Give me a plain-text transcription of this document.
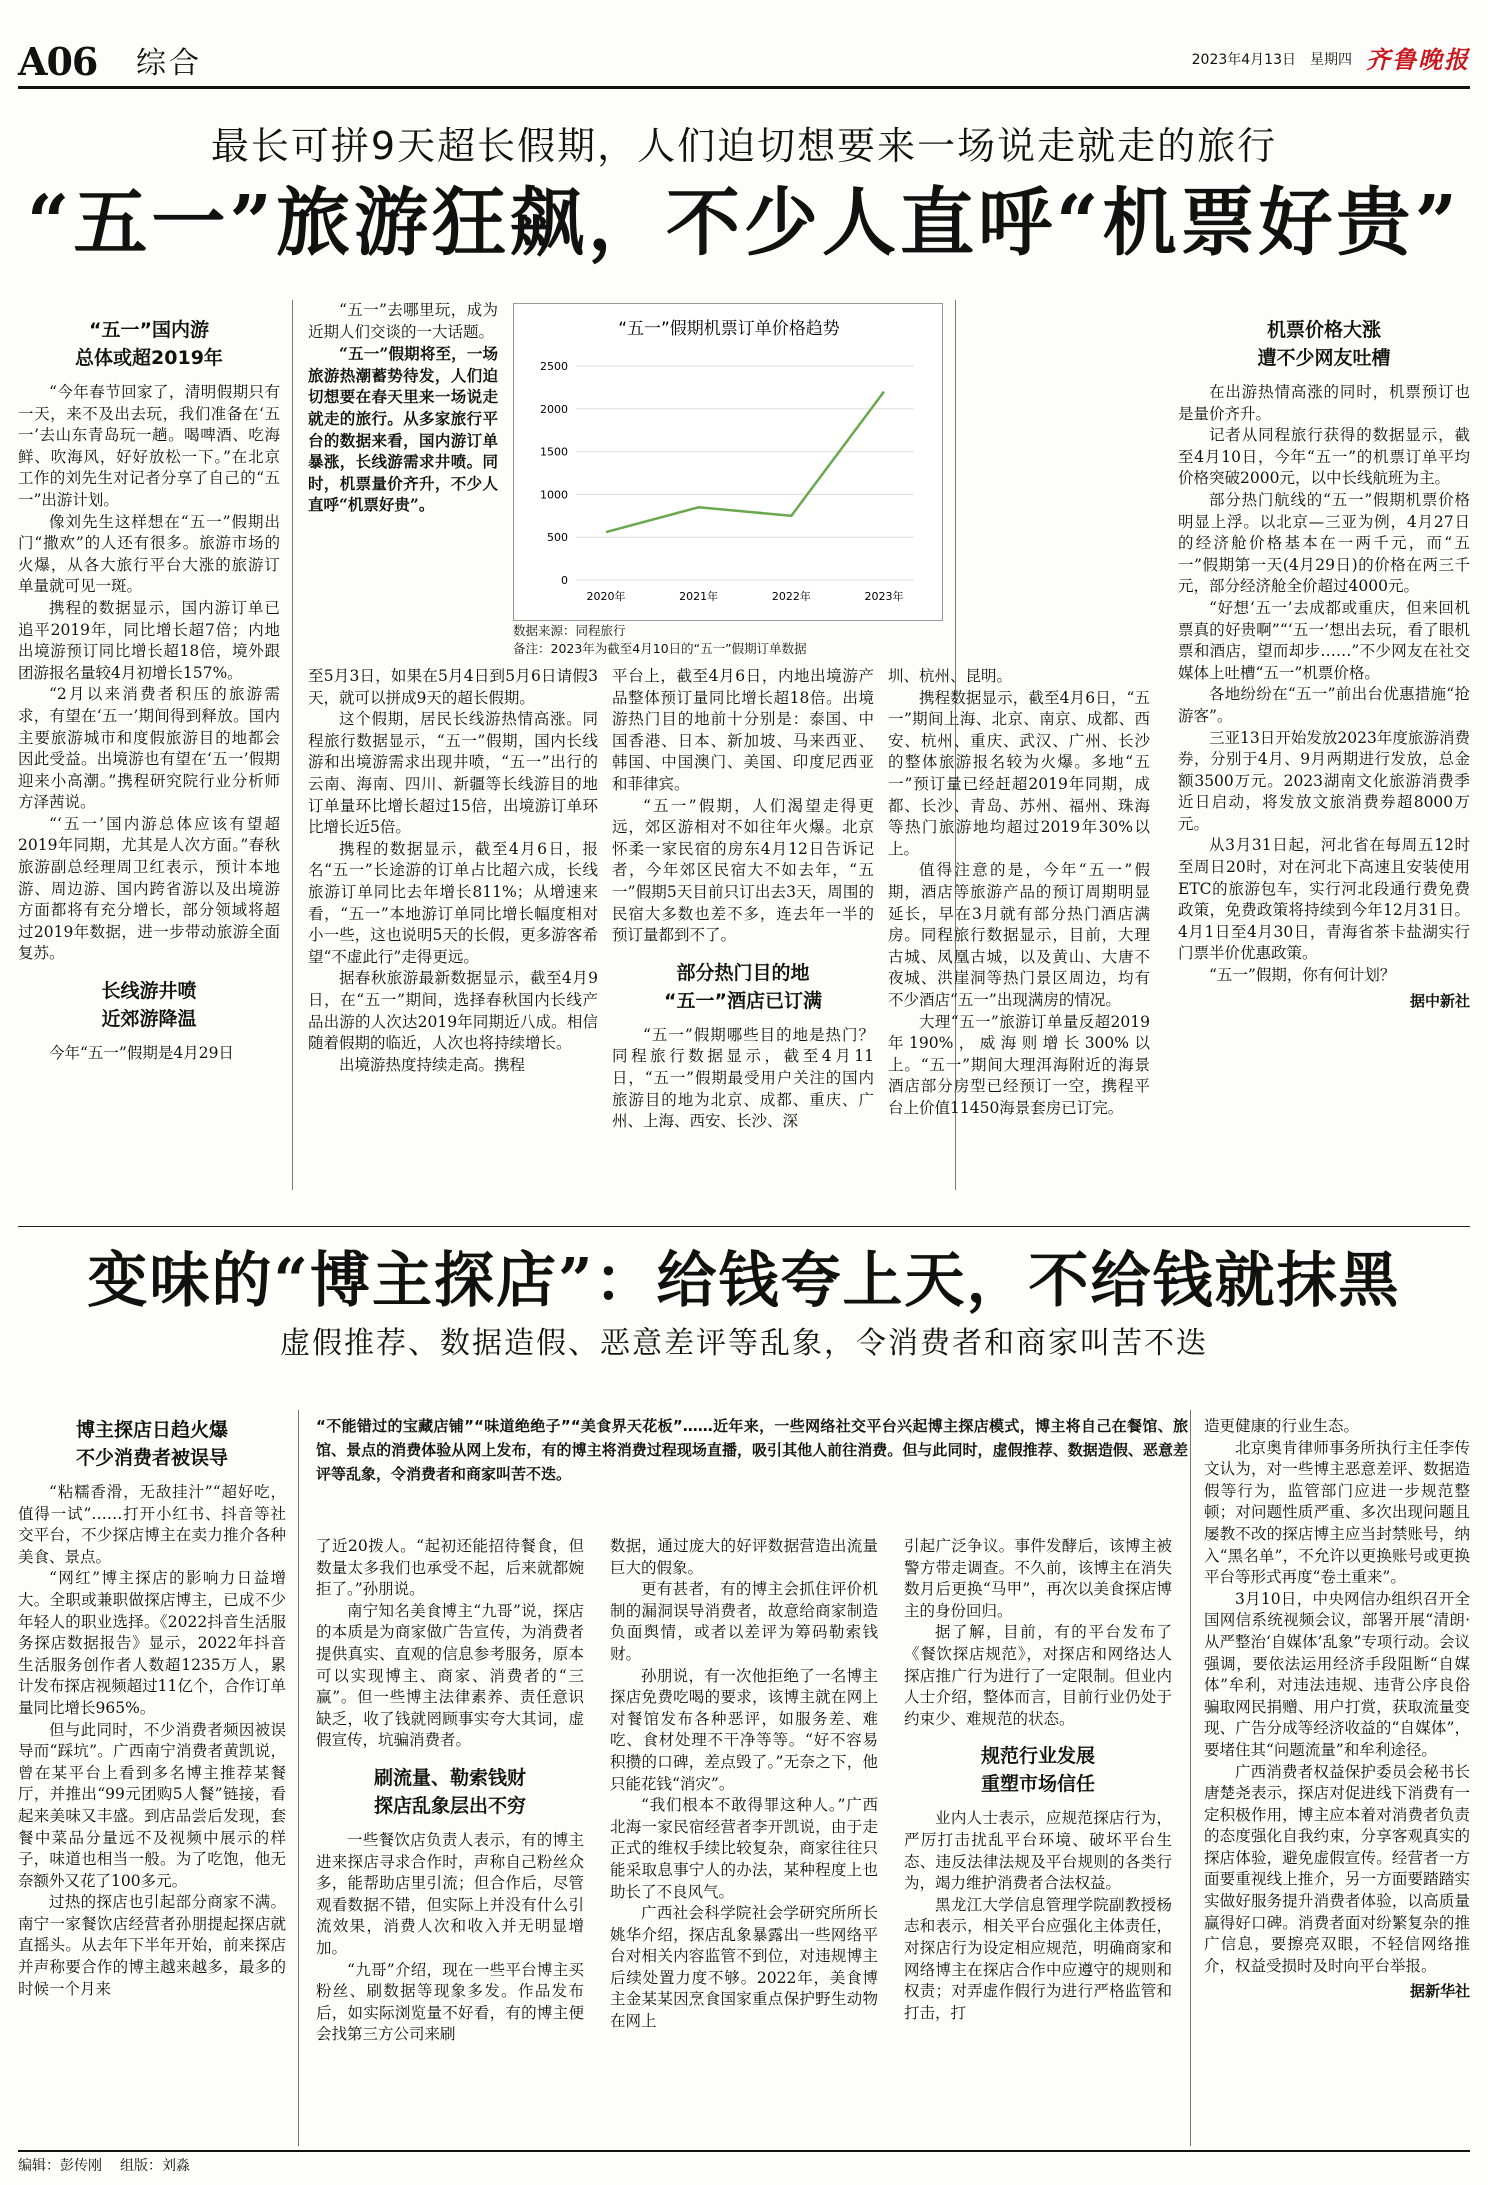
A06 综合	2023年4月13日 星期四 齐鲁晚报
最长可拼9天超长假期，人们迫切想要来一场说走就走的旅行
“五一”旅游狂飙，不少人直呼“机票好贵”
“五一”国内游
总体或超2019年

“今年春节回家了，清明假期只有一天，来不及出去玩，我们准备在‘五一’去山东青岛玩一趟。喝啤酒、吃海鲜、吹海风，好好放松一下。”在北京工作的刘先生对记者分享了自己的“五一”出游计划。

像刘先生这样想在“五一”假期出门“撒欢”的人还有很多。旅游市场的火爆，从各大旅行平台大涨的旅游订单量就可见一斑。

携程的数据显示，国内游订单已追平2019年，同比增长超7倍；内地出境游预订同比增长超18倍，境外跟团游报名量较4月初增长157%。

“2月以来消费者积压的旅游需求，有望在‘五一’期间得到释放。国内主要旅游城市和度假旅游目的地都会因此受益。出境游也有望在‘五一’假期迎来小高潮。”携程研究院行业分析师方泽茜说。

“‘五一’国内游总体应该有望超2019年同期，尤其是人次方面。”春秋旅游副总经理周卫红表示，预计本地游、周边游、国内跨省游以及出境游方面都将有充分增长，部分领域将超过2019年数据，进一步带动旅游全面复苏。

长线游井喷
近郊游降温

今年“五一”假期是4月29日

“五一”去哪里玩，成为近期人们交谈的一大话题。

“五一”假期将至，一场旅游热潮蓄势待发，人们迫切想要在春天里来一场说走就走的旅行。从多家旅行平台的数据来看，国内游订单暴涨，长线游需求井喷。同时，机票量价齐升，不少人直呼“机票好贵”。

“五一”假期机票订单价格趋势
0
500
1000
1500
2000
2500
2020年	2021年	2022年	2023年
数据来源：同程旅行
备注：2023年为截至4月10日的“五一”假期订单数据

至5月3日，如果在5月4日到5月6日请假3天，就可以拼成9天的超长假期。

这个假期，居民长线游热情高涨。同程旅行数据显示，“五一”假期，国内长线游和出境游需求出现井喷，“五一”出行的云南、海南、四川、新疆等长线游目的地订单量环比增长超过15倍，出境游订单环比增长近5倍。

携程的数据显示，截至4月6日，报名“五一”长途游的订单占比超六成，长线旅游订单同比去年增长811%；从增速来看，“五一”本地游订单同比增长幅度相对小一些，这也说明5天的长假，更多游客希望“不虚此行”走得更远。

据春秋旅游最新数据显示，截至4月9日，在“五一”期间，选择春秋国内长线产品出游的人次达2019年同期近八成。相信随着假期的临近，人次也将持续增长。

出境游热度持续走高。携程

平台上，截至4月6日，内地出境游产品整体预订量同比增长超18倍。出境游热门目的地前十分别是：泰国、中国香港、日本、新加坡、马来西亚、韩国、中国澳门、美国、印度尼西亚和菲律宾。

“五一”假期，人们渴望走得更远，郊区游相对不如往年火爆。北京怀柔一家民宿的房东4月12日告诉记者，今年郊区民宿大不如去年，“五一”假期5天目前只订出去3天，周围的民宿大多数也差不多，连去年一半的预订量都到不了。

部分热门目的地
“五一”酒店已订满

“五一”假期哪些目的地是热门？同程旅行数据显示，截至4月11日，“五一”假期最受用户关注的国内旅游目的地为北京、成都、重庆、广州、上海、西安、长沙、深

圳、杭州、昆明。

携程数据显示，截至4月6日，“五一”期间上海、北京、南京、成都、西安、杭州、重庆、武汉、广州、长沙的整体旅游报名较为火爆。多地“五一”预订量已经赶超2019年同期，成都、长沙、青岛、苏州、福州、珠海等热门旅游地均超过2019年30%以上。

值得注意的是，今年“五一”假期，酒店等旅游产品的预订周期明显延长，早在3月就有部分热门酒店满房。同程旅行数据显示，目前，大理古城、凤凰古城，以及黄山、大唐不夜城、洪崖洞等热门景区周边，均有不少酒店“五一”出现满房的情况。

大理“五一”旅游订单量反超2019年190%，威海则增长300%以上。“五一”期间大理洱海附近的海景酒店部分房型已经预订一空，携程平台上价值11450海景套房已订完。

机票价格大涨
遭不少网友吐槽

在出游热情高涨的同时，机票预订也是量价齐升。

记者从同程旅行获得的数据显示，截至4月10日，今年“五一”的机票订单平均价格突破2000元，以中长线航班为主。

部分热门航线的“五一”假期机票价格明显上浮。以北京—三亚为例，4月27日的经济舱价格基本在一两千元，而“五一”假期第一天(4月29日)的价格在两三千元，部分经济舱全价超过4000元。

“好想‘五一’去成都或重庆，但来回机票真的好贵啊”“‘五一’想出去玩，看了眼机票和酒店，望而却步……”不少网友在社交媒体上吐槽“五一”机票价格。

各地纷纷在“五一”前出台优惠措施“抢游客”。

三亚13日开始发放2023年度旅游消费券，分别于4月、9月两期进行发放，总金额3500万元。2023湖南文化旅游消费季近日启动，将发放文旅消费券超8000万元。

从3月31日起，河北省在每周五12时至周日20时，对在河北下高速且安装使用ETC的旅游包车，实行河北段通行费免费政策，免费政策将持续到今年12月31日。4月1日至4月30日，青海省茶卡盐湖实行门票半价优惠政策。

“五一”假期，你有何计划？

据中新社
变味的“博主探店”：给钱夸上天，不给钱就抹黑
虚假推荐、数据造假、恶意差评等乱象，令消费者和商家叫苦不迭
“不能错过的宝藏店铺”“味道绝绝子”“美食界天花板”……近年来，一些网络社交平台兴起博主探店模式，博主将自己在餐馆、旅馆、景点的消费体验从网上发布，有的博主将消费过程现场直播，吸引其他人前往消费。但与此同时，虚假推荐、数据造假、恶意差评等乱象，令消费者和商家叫苦不迭。
博主探店日趋火爆
不少消费者被误导

“粘糯香滑，无敌挂汁”“超好吃，值得一试”……打开小红书、抖音等社交平台，不少探店博主在卖力推介各种美食、景点。

“网红”博主探店的影响力日益增大。全职或兼职做探店博主，已成不少年轻人的职业选择。《2022抖音生活服务探店数据报告》显示，2022年抖音生活服务创作者人数超1235万人，累计发布探店视频超过11亿个，合作订单量同比增长965%。

但与此同时，不少消费者频因被误导而“踩坑”。广西南宁消费者黄凯说，曾在某平台上看到多名博主推荐某餐厅，并推出“99元团购5人餐”链接，看起来美味又丰盛。到店品尝后发现，套餐中菜品分量远不及视频中展示的样子，味道也相当一般。为了吃饱，他无奈额外又花了100多元。

过热的探店也引起部分商家不满。南宁一家餐饮店经营者孙朋提起探店就直摇头。从去年下半年开始，前来探店并声称要合作的博主越来越多，最多的时候一个月来

了近20拨人。“起初还能招待餐食，但数量太多我们也承受不起，后来就都婉拒了。”孙朋说。

南宁知名美食博主“九哥”说，探店的本质是为商家做广告宣传，为消费者提供真实、直观的信息参考服务，原本可以实现博主、商家、消费者的“三赢”。但一些博主法律素养、责任意识缺乏，收了钱就罔顾事实夸大其词，虚假宣传，坑骗消费者。

刷流量、勒索钱财
探店乱象层出不穷

一些餐饮店负责人表示，有的博主进来探店寻求合作时，声称自己粉丝众多，能帮助店里引流；但合作后，尽管观看数据不错，但实际上并没有什么引流效果，消费人次和收入并无明显增加。

“九哥”介绍，现在一些平台博主买粉丝、刷数据等现象多发。作品发布后，如实际浏览量不好看，有的博主便会找第三方公司来刷

数据，通过庞大的好评数据营造出流量巨大的假象。

更有甚者，有的博主会抓住评价机制的漏洞误导消费者，故意给商家制造负面舆情，或者以差评为筹码勒索钱财。

孙朋说，有一次他拒绝了一名博主探店免费吃喝的要求，该博主就在网上对餐馆发布各种恶评，如服务差、难吃、食材处理不干净等等。“好不容易积攒的口碑，差点毁了。”无奈之下，他只能花钱“消灾”。

“我们根本不敢得罪这种人。”广西北海一家民宿经营者李开凯说，由于走正式的维权手续比较复杂，商家往往只能采取息事宁人的办法，某种程度上也助长了不良风气。

广西社会科学院社会学研究所所长姚华介绍，探店乱象暴露出一些网络平台对相关内容监管不到位，对违规博主后续处置力度不够。2022年，美食博主金某某因烹食国家重点保护野生动物在网上

引起广泛争议。事件发酵后，该博主被警方带走调查。不久前，该博主在消失数月后更换“马甲”，再次以美食探店博主的身份回归。

据了解，目前，有的平台发布了《餐饮探店规范》，对探店和网络达人探店推广行为进行了一定限制。但业内人士介绍，整体而言，目前行业仍处于约束少、难规范的状态。

规范行业发展
重塑市场信任

业内人士表示，应规范探店行为，严厉打击扰乱平台环境、破坏平台生态、违反法律法规及平台规则的各类行为，竭力维护消费者合法权益。

黑龙江大学信息管理学院副教授杨志和表示，相关平台应强化主体责任，对探店行为设定相应规范，明确商家和网络博主在探店合作中应遵守的规则和权责；对弄虚作假行为进行严格监管和打击，打

造更健康的行业生态。

北京奥肯律师事务所执行主任李传文认为，对一些博主恶意差评、数据造假等行为，监管部门应进一步规范整顿；对问题性质严重、多次出现问题且屡教不改的探店博主应当封禁账号，纳入“黑名单”，不允许以更换账号或更换平台等形式再度“卷土重来”。

3月10日，中央网信办组织召开全国网信系统视频会议，部署开展“清朗·从严整治‘自媒体’乱象”专项行动。会议强调，要依法运用经济手段阻断“自媒体”牟利，对违法违规、违背公序良俗骗取网民捐赠、用户打赏，获取流量变现、广告分成等经济收益的“自媒体”，要堵住其“问题流量”和牟利途径。

广西消费者权益保护委员会秘书长唐楚尧表示，探店对促进线下消费有一定积极作用，博主应本着对消费者负责的态度强化自我约束，分享客观真实的探店体验，避免虚假宣传。经营者一方面要重视线上推介，另一方面要踏踏实实做好服务提升消费者体验，以高质量赢得好口碑。消费者面对纷繁复杂的推广信息，要擦亮双眼，不轻信网络推介，权益受损时及时向平台举报。

据新华社
编辑：彭传刚 组版：刘淼
